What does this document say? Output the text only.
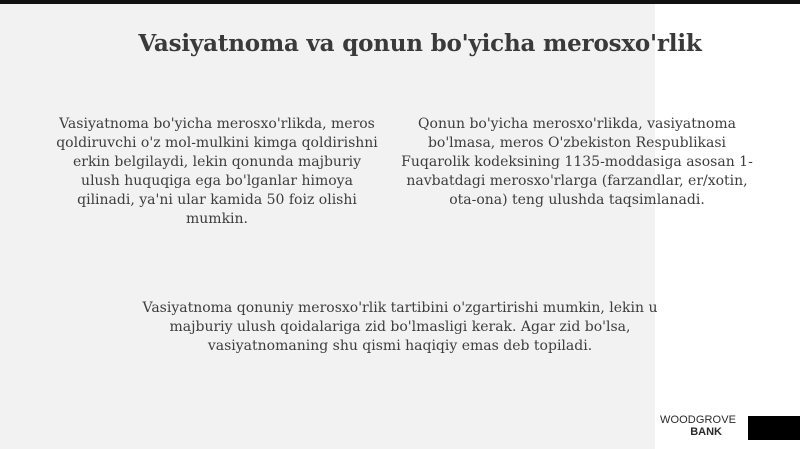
Vasiyatnoma va qonun bo'yicha merosxo'rlik

Vasiyatnoma bo'yicha merosxo'rlikda, meros qoldiruvchi o'z mol-mulkini kimga qoldirishni erkin belgilaydi, lekin qonunda majburiy ulush huquqiga ega bo'lganlar himoya qilinadi, ya'ni ular kamida 50 foiz olishi mumkin.

Qonun bo'yicha merosxo'rlikda, vasiyatnoma bo'lmasa, meros O'zbekiston Respublikasi Fuqarolik kodeksining 1135-moddasiga asosan 1-navbatdagi merosxo'rlarga (farzandlar, er/xotin, ota-ona) teng ulushda taqsimlanadi.

Vasiyatnoma qonuniy merosxo'rlik tartibini o'zgartirishi mumkin, lekin u majburiy ulush qoidalariga zid bo'lmasligi kerak. Agar zid bo'lsa, vasiyatnomaning shu qismi haqiqiy emas deb topiladi.

WOODGROVE
BANK
